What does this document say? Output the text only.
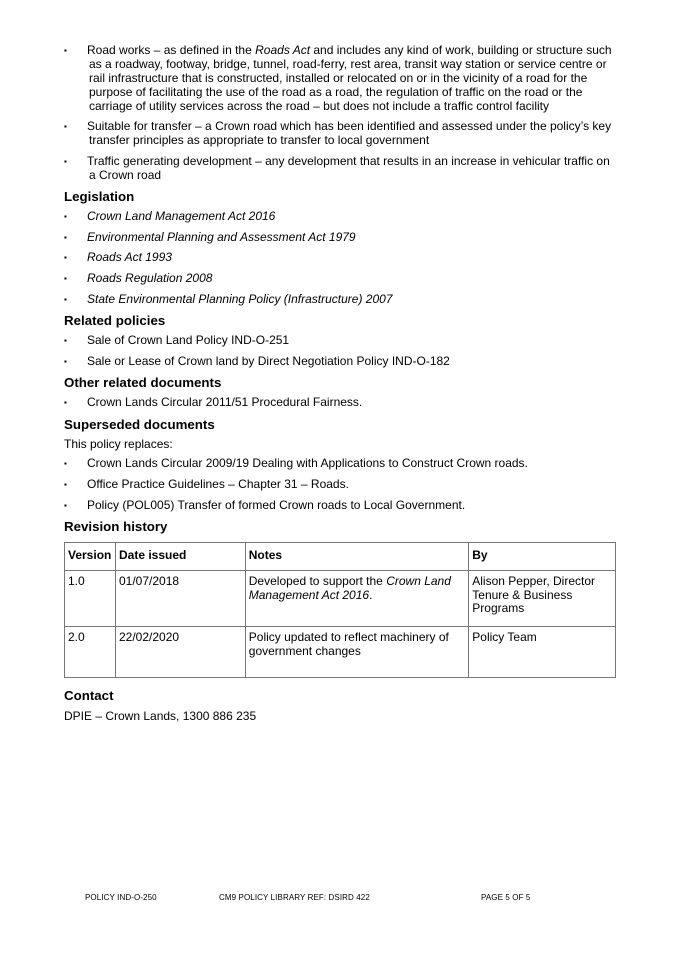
▪ Road works – as defined in the Roads Act and includes any kind of work, building or structure such
as a roadway, footway, bridge, tunnel, road-ferry, rest area, transit way station or service centre or
rail infrastructure that is constructed, installed or relocated on or in the vicinity of a road for the
purpose of facilitating the use of the road as a road, the regulation of traffic on the road or the
carriage of utility services across the road – but does not include a traffic control facility
▪ Suitable for transfer – a Crown road which has been identified and assessed under the policy’s key
transfer principles as appropriate to transfer to local government
▪ Traffic generating development – any development that results in an increase in vehicular traffic on
a Crown road
Legislation
▪ Crown Land Management Act 2016
▪ Environmental Planning and Assessment Act 1979
▪ Roads Act 1993
▪ Roads Regulation 2008
▪ State Environmental Planning Policy (Infrastructure) 2007
Related policies
▪ Sale of Crown Land Policy IND-O-251
▪ Sale or Lease of Crown land by Direct Negotiation Policy IND-O-182
Other related documents
▪ Crown Lands Circular 2011/51 Procedural Fairness.
Superseded documents

This policy replaces:

▪ Crown Lands Circular 2009/19 Dealing with Applications to Construct Crown roads.
▪ Office Practice Guidelines – Chapter 31 – Roads.
▪ Policy (POL005) Transfer of formed Crown roads to Local Government.
Revision history
Version	Date issued	Notes	By
1.0	01/07/2018	Developed to support the Crown Land Management Act 2016.	Alison Pepper, Director Tenure & Business Programs
2.0	22/02/2020	Policy updated to reflect machinery of government changes	Policy Team
Contact

DPIE – Crown Lands, 1300 886 235

POLICY IND-O-250	CM9 POLICY LIBRARY REF: DSIRD 422	PAGE 5 OF 5
